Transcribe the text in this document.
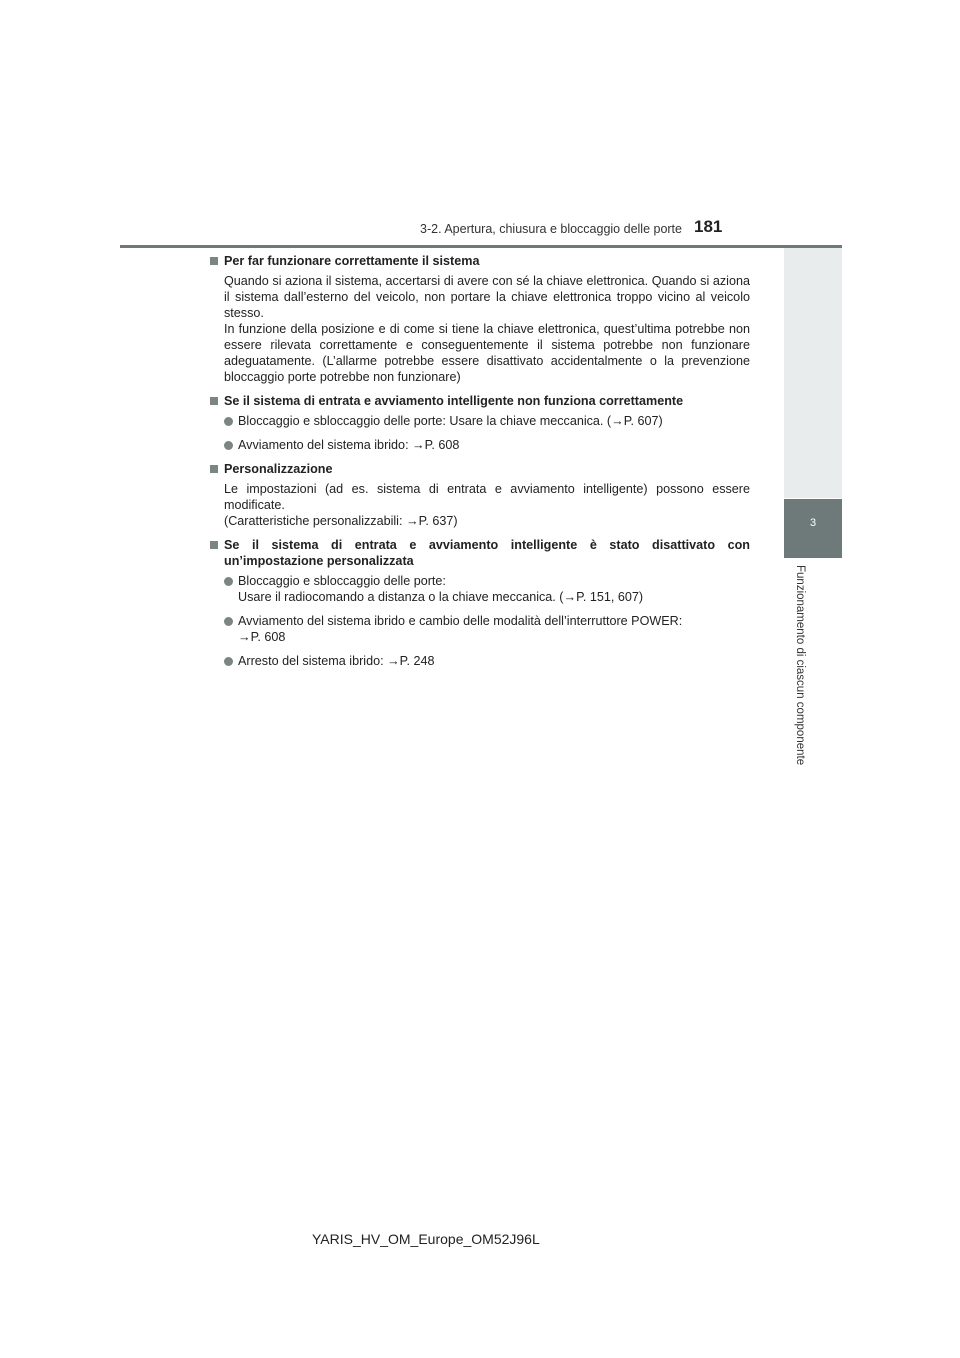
3-2. Apertura, chiusura e bloccaggio delle porte 181
3
Funzionamento di ciascun componente
Per far funzionare correttamente il sistema
Quando si aziona il sistema, accertarsi di avere con sé la chiave elettronica. Quando si aziona il sistema dall’esterno del veicolo, non portare la chiave elettronica troppo vicino al veicolo stesso.
In funzione della posizione e di come si tiene la chiave elettronica, quest’ultima potrebbe non essere rilevata correttamente e conseguentemente il sistema potrebbe non funzionare adeguatamente. (L’allarme potrebbe essere disattivato accidentalmente o la prevenzione bloccaggio porte potrebbe non funzionare)
Se il sistema di entrata e avviamento intelligente non funziona correttamente
Bloccaggio e sbloccaggio delle porte: Usare la chiave meccanica. (→P. 607)
Avviamento del sistema ibrido: →P. 608
Personalizzazione
Le impostazioni (ad es. sistema di entrata e avviamento intelligente) possono essere modificate.
(Caratteristiche personalizzabili: →P. 637)
Se il sistema di entrata e avviamento intelligente è stato disattivato con un’impostazione personalizzata
Bloccaggio e sbloccaggio delle porte:
Usare il radiocomando a distanza o la chiave meccanica. (→P. 151, 607)
Avviamento del sistema ibrido e cambio delle modalità dell’interruttore POWER:
→P. 608
Arresto del sistema ibrido: →P. 248
YARIS_HV_OM_Europe_OM52J96L
